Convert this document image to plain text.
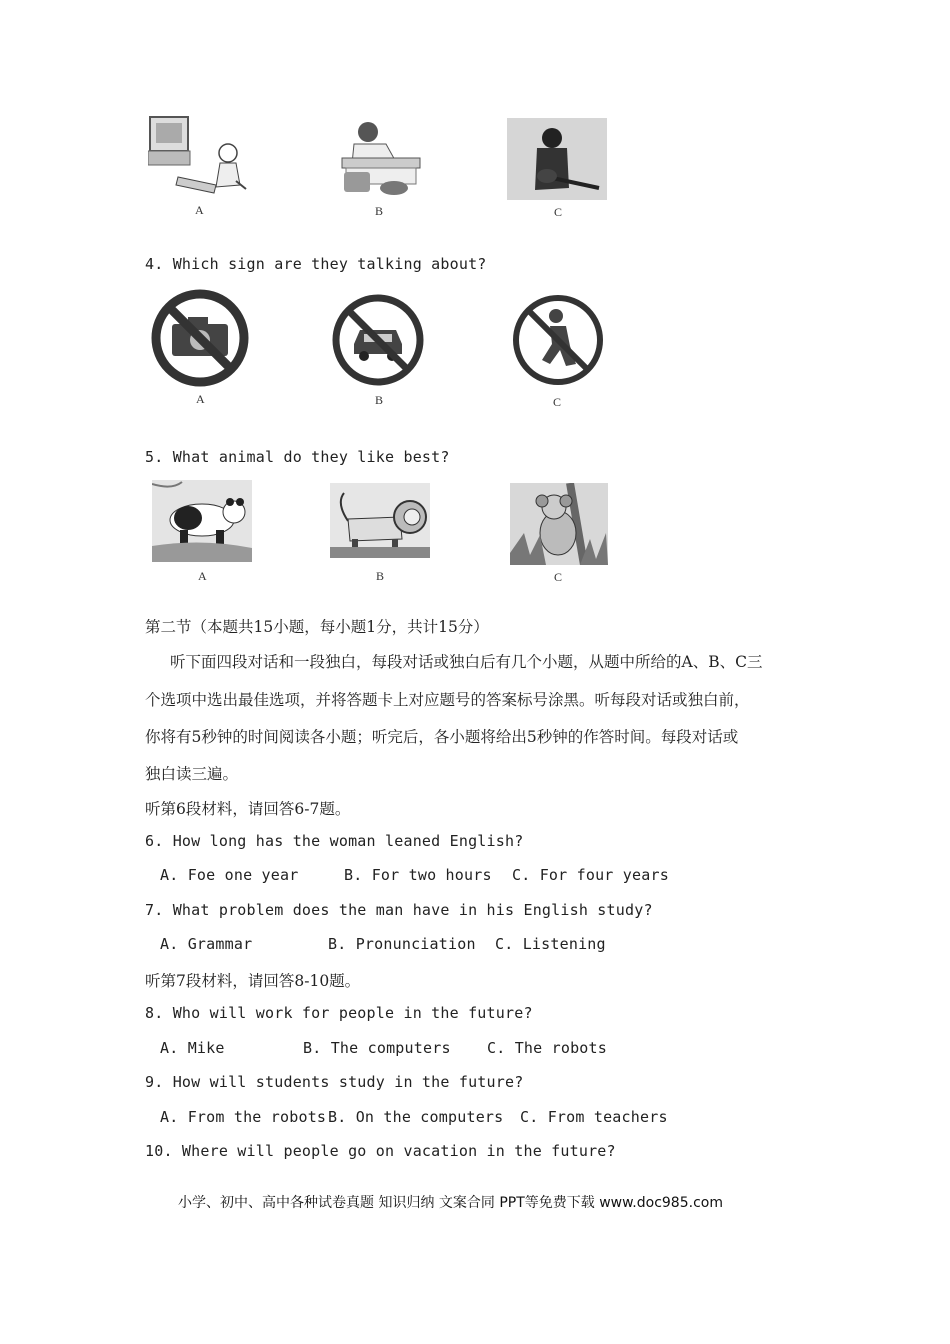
A	B	C
4. Which sign are they talking about?
A	B	C
5. What animal do they like best?
A	B	C
第二节（本题共15小题，每小题1分，共计15分）
听下面四段对话和一段独白，每段对话或独白后有几个小题，从题中所给的A、B、C三
个选项中选出最佳选项，并将答题卡上对应题号的答案标号涂黑。听每段对话或独白前，
你将有5秒钟的时间阅读各小题；听完后，各小题将给出5秒钟的作答时间。每段对话或
独白读三遍。
听第6段材料，请回答6-7题。
6. How long has the woman leaned English?
A. Foe one year	B. For two hours C. For four years
7. What problem does the man have in his English study?
A. Grammar	B. Pronunciation C. Listening
听第7段材料，请回答8-10题。
8. Who will work for people in the future?
A. Mike	B. The computers C. The robots
9. How will students study in the future?
A. From the robots B. On the computers C. From teachers
10. Where will people go on vacation in the future?
小学、初中、高中各种试卷真题 知识归纳 文案合同 PPT等免费下载 www.doc985.com
